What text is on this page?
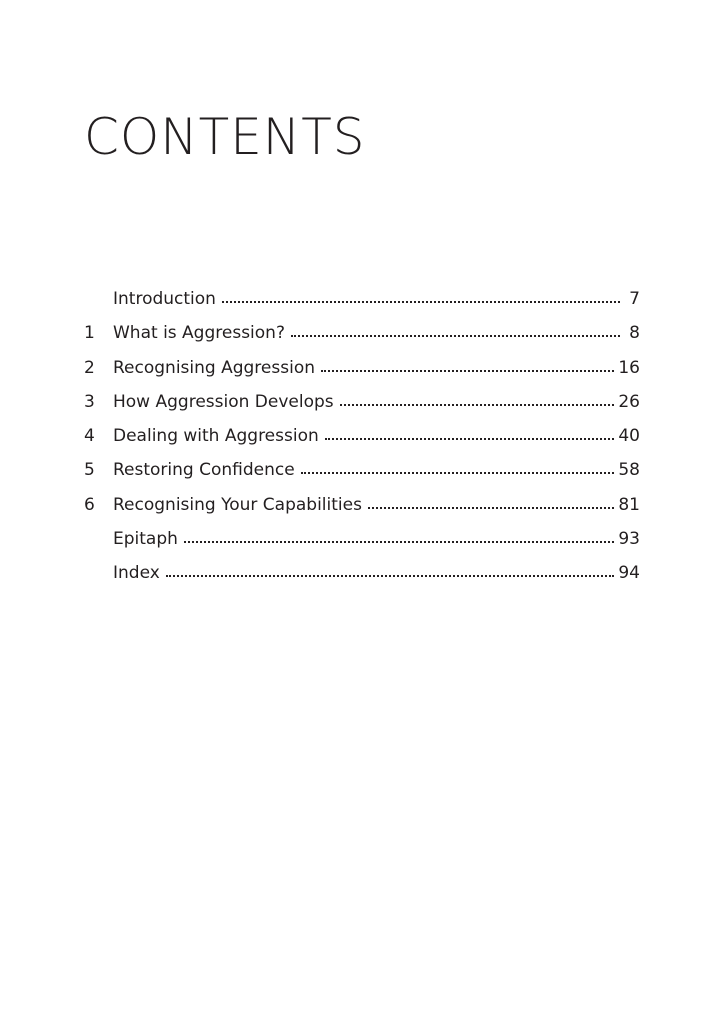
CONTENTS
Introduction	7
1	What is Aggression?	8
2	Recognising Aggression	16
3	How Aggression Develops	26
4	Dealing with Aggression	40
5	Restoring Confidence	58
6	Recognising Your Capabilities	81
Epitaph	93
Index	94
